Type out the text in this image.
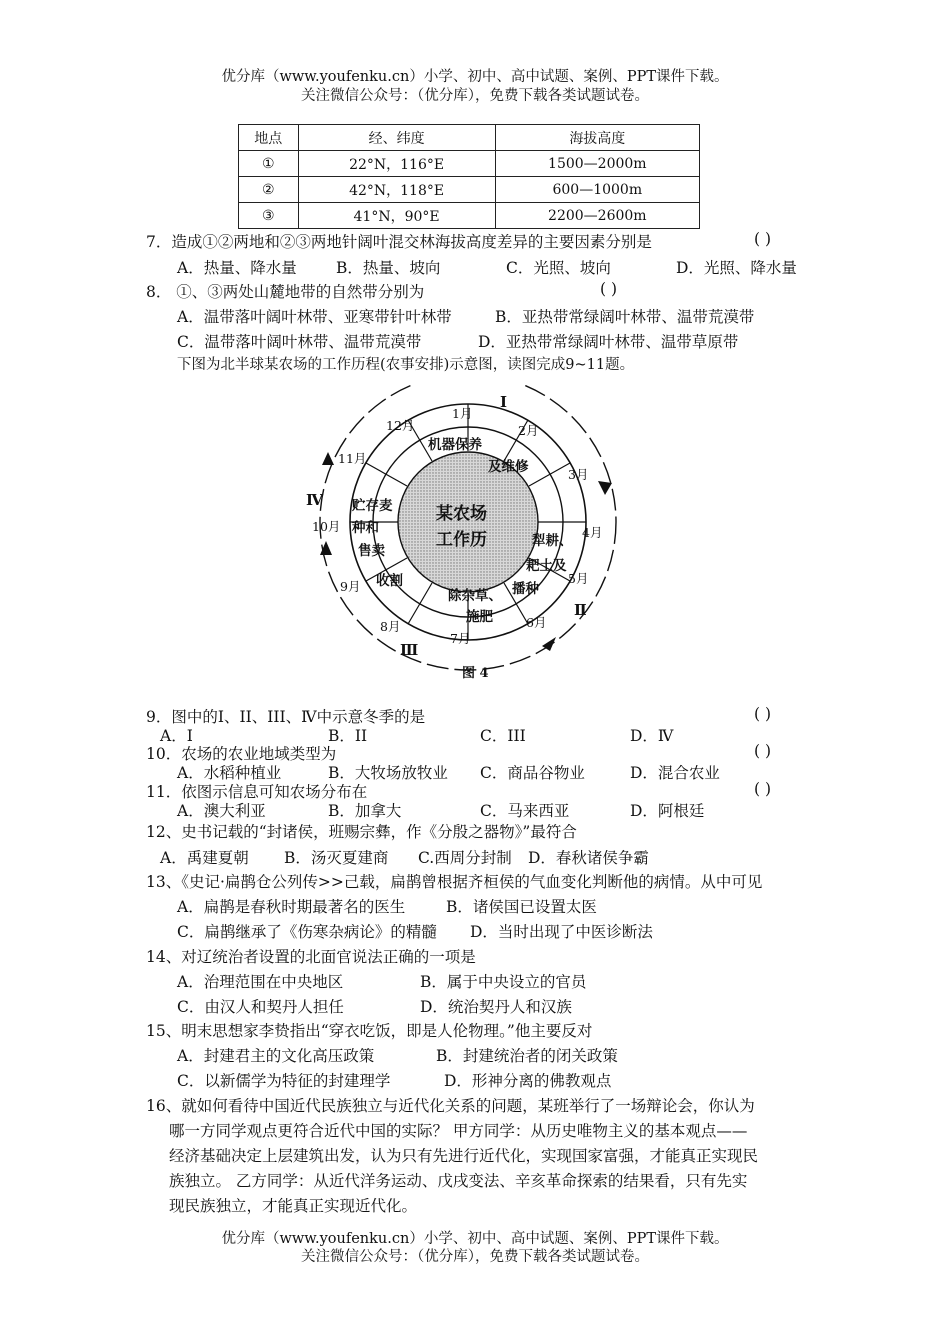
优分库（www.youfenku.cn）小学、初中、高中试题、案例、PPT课件下载。
关注微信公众号：（优分库），免费下载各类试题试卷。
地点	经、纬度	海拔高度
①	22°N，116°E	1500—2000m
②	42°N，118°E	600—1000m
③	41°N，90°E	2200—2600m
7．造成①②两地和②③两地针阔叶混交林海拔高度差异的主要因素分别是	( )
A．热量、降水量	B．热量、坡向	C．光照、坡向	D．光照、降水量
8． ①、③两处山麓地带的自然带分别为	( )
A．温带落叶阔叶林带、亚寒带针叶林带	B．亚热带常绿阔叶林带、温带荒漠带
C．温带落叶阔叶林带、温带荒漠带	D．亚热带常绿阔叶林带、温带草原带
下图为北半球某农场的工作历程(农事安排)示意图，读图完成9~11题。
1月
2月
3月
4月
5月
6月
7月
8月
9月
10月
11月
12月
Ⅰ
Ⅱ
Ⅲ
Ⅳ
机器保养
及维修
犁耕、
耙土及
播种
除杂草、
施肥
收割
贮存麦
种和
售卖
某农场
工作历
图 4
9．图中的I、II、III、Ⅳ中示意冬季的是	( )
A．I	B．II	C．III	D．Ⅳ
10．农场的农业地域类型为	( )
A．水稻种植业	B．大牧场放牧业 C．商品谷物业	D．混合农业
11．依图示信息可知农场分布在	( )
A．澳大利亚	B．加拿大	C．马来西亚	D．阿根廷
12、史书记载的“封诸侯，班赐宗彝，作《分殷之器物》”最符合
A．禹建夏朝 B．汤灭夏建商 C.西周分封制 D．春秋诸侯争霸
13、《史记·扁鹊仓公列传>>己载，扁鹊曾根据齐桓侯的气血变化判断他的病情。从中可见
A．扁鹊是春秋时期最著名的医生	B．诸侯国已设置太医
C．扁鹊继承了《伤寒杂病论》的精髓 D．当时出现了中医诊断法
14、对辽统治者设置的北面官说法正确的一项是
A．治理范围在中央地区	B．属于中央设立的官员
C．由汉人和契丹人担任	D．统治契丹人和汉族
15、明末思想家李贽指出“穿衣吃饭，即是人伦物理。”他主要反对
A．封建君主的文化高压政策	B．封建统治者的闭关政策
C．以新儒学为特征的封建理学	D．形神分离的佛教观点
16、就如何看待中国近代民族独立与近代化关系的问题，某班举行了一场辩论会，你认为
哪一方同学观点更符合近代中国的实际？ 甲方同学：从历史唯物主义的基本观点——
经济基础决定上层建筑出发，认为只有先进行近代化，实现国家富强，才能真正实现民
族独立。 乙方同学：从近代洋务运动、戊戌变法、辛亥革命探索的结果看，只有先实
现民族独立，才能真正实现近代化。
优分库（www.youfenku.cn）小学、初中、高中试题、案例、PPT课件下载。
关注微信公众号：（优分库），免费下载各类试题试卷。
